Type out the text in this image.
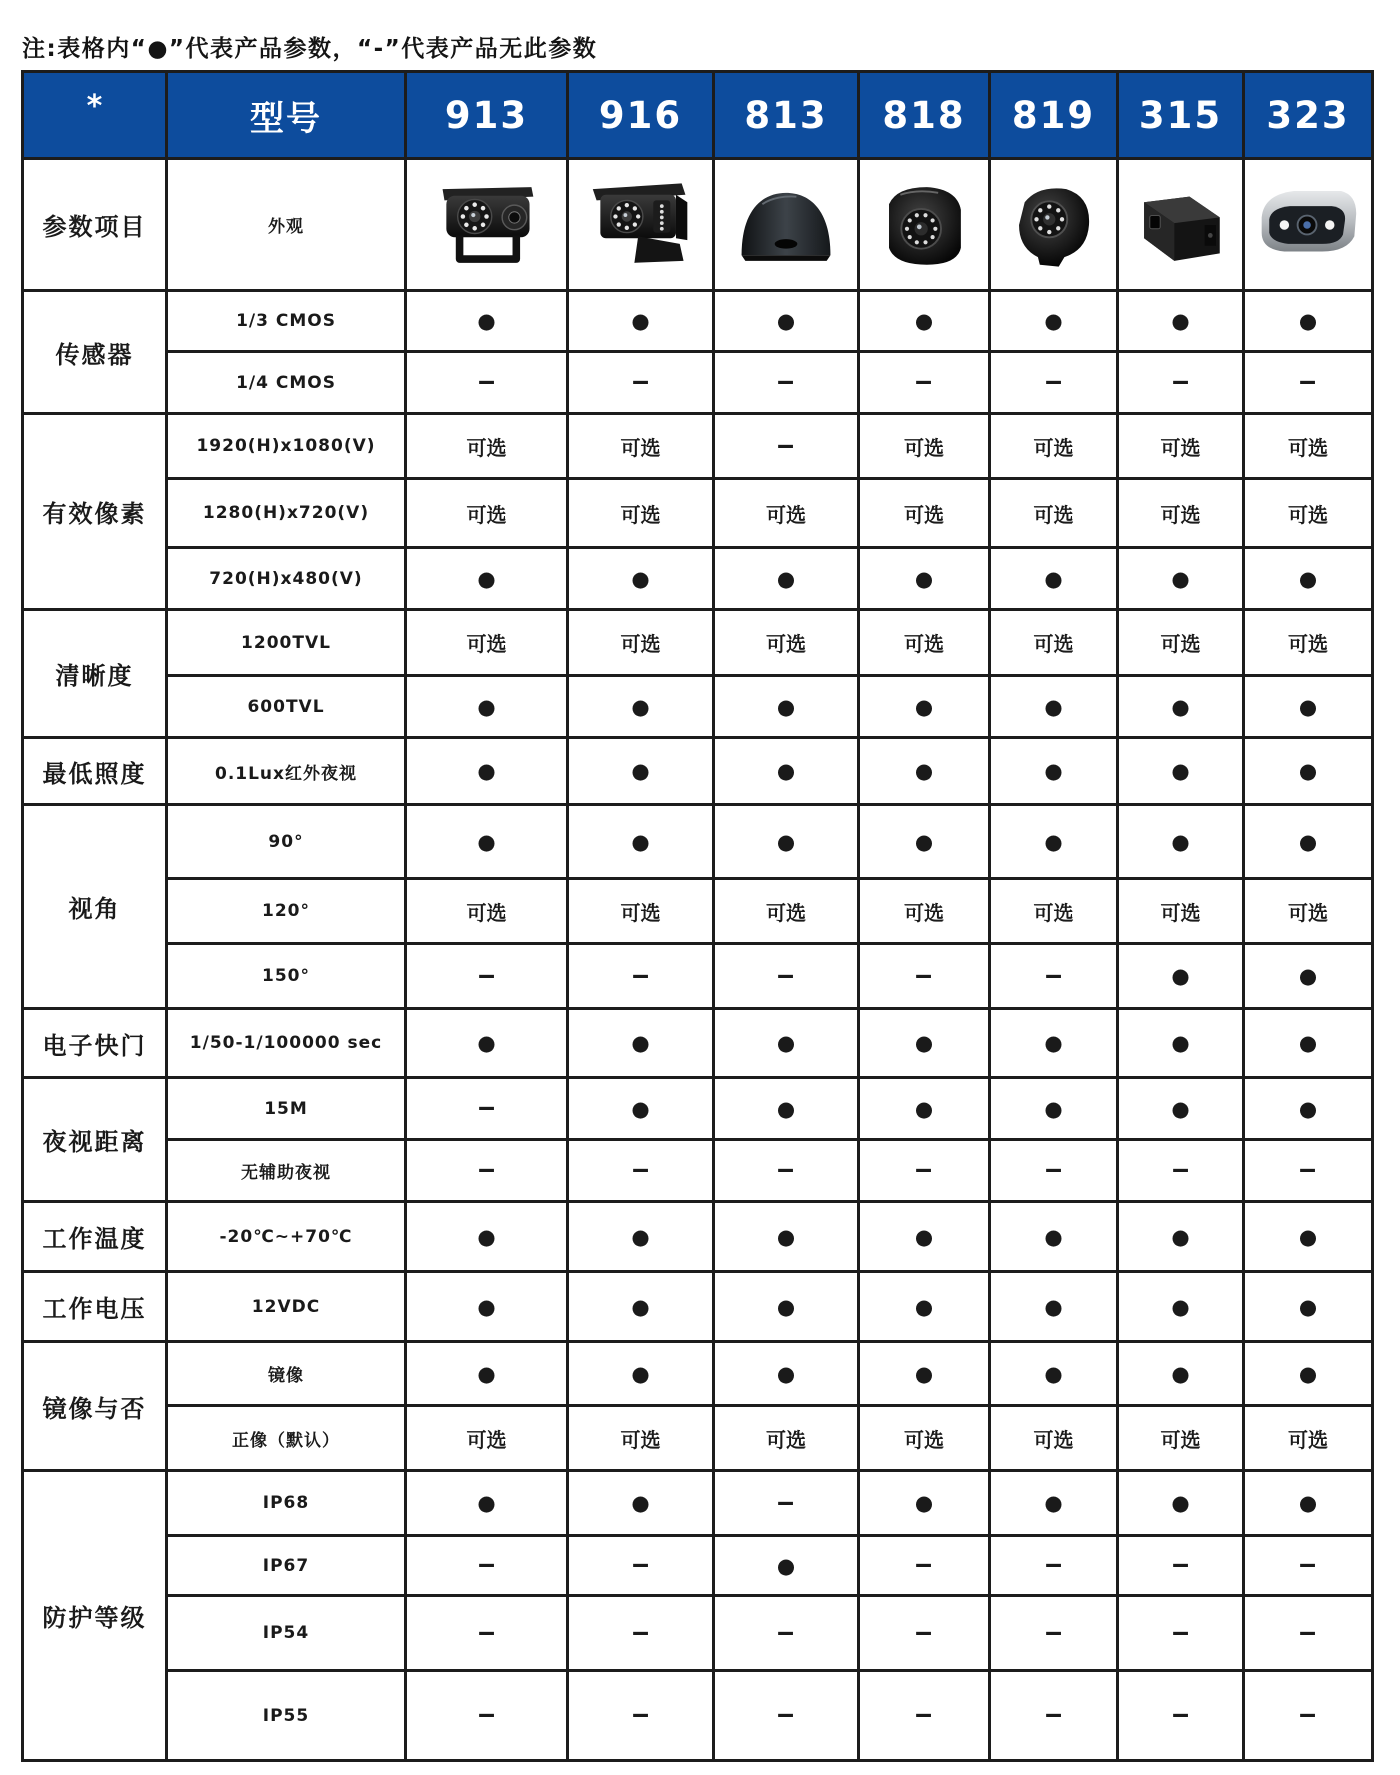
注:表格内“●”代表产品参数，“-”代表产品无此参数
*	型号	913 916 813 818 819 315 323
参数项目	外观
传感器
1/3 CMOS	●	●	●	●	●	●	●
1/4 CMOS	-	-	-	-	-	-	-
有效像素
1920(H)x1080(V)	可选	可选	-	可选	可选	可选	可选
1280(H)x720(V)	可选	可选	可选	可选	可选	可选	可选
720(H)x480(V)	●	●	●	●	●	●	●
清晰度
1200TVL	可选	可选	可选	可选	可选	可选	可选
600TVL	●	●	●	●	●	●	●
最低照度	0.1Lux红外夜视	●	●	●	●	●	●	●
视角
90°	●	●	●	●	●	●	●
120°	可选	可选	可选	可选	可选	可选	可选
150°	-	-	-	-	-	●	●
电子快门	1/50-1/100000 sec	●	●	●	●	●	●	●
夜视距离
15M	-	●	●	●	●	●	●
无辅助夜视	-	-	-	-	-	-	-
工作温度	-20℃~+70℃	●	●	●	●	●	●	●
工作电压	12VDC	●	●	●	●	●	●	●
镜像与否
镜像	●	●	●	●	●	●	●
正像（默认）	可选	可选	可选	可选	可选	可选	可选
防护等级
IP68	●	●	-	●	●	●	●
IP67	-	-	●	-	-	-	-
IP54	-	-	-	-	-	-	-
IP55	-	-	-	-	-	-	-
